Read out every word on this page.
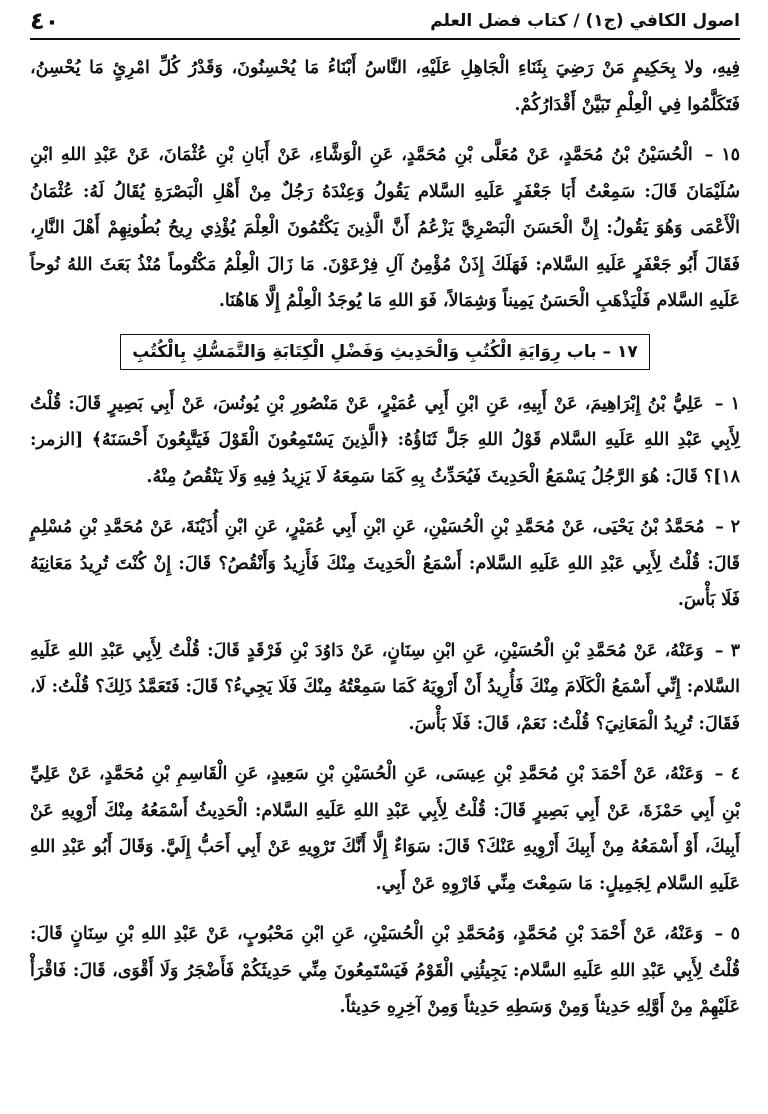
اصول الكافي (ج١) / كتاب فضل العلم
٤٠

فِيهِ، ولا بِحَكِيمٍ مَنْ رَضِيَ بِثَنَاءِ الْجَاهِلِ عَلَيْهِ، النَّاسُ أَبْنَاءُ مَا يُحْسِنُونَ، وَقَدْرُ كُلِّ امْرِئٍ مَا يُحْسِنُ، فَتَكَلَّمُوا فِي الْعِلْمِ تَبَيَّنْ أَقْدَارُكُمْ.

١٥ – الْحُسَيْنُ بْنُ مُحَمَّدٍ، عَنْ مُعَلَّى بْنِ مُحَمَّدٍ، عَنِ الْوَشَّاءِ، عَنْ أَبَانِ بْنِ عُثْمَانَ، عَنْ عَبْدِ اللهِ ابْنِ سُلَيْمَانَ قَالَ: سَمِعْتُ أَبَا جَعْفَرٍ عَلَيهِ السَّلام يَقُولُ وَعِنْدَهُ رَجُلٌ مِنْ أَهْلِ الْبَصْرَةِ يُقَالُ لَهُ: عُثْمَانُ الْأَعْمَى وَهُوَ يَقُولُ: إِنَّ الْحَسَنَ الْبَصْرِيَّ يَزْعُمُ أَنَّ الَّذِينَ يَكْتُمُونَ الْعِلْمَ يُؤْذِي رِيحُ بُطُونِهِمْ أَهْلَ النَّارِ، فَقَالَ أَبُو جَعْفَرٍ عَلَيهِ السَّلام: فَهَلَكَ إِذَنْ مُؤْمِنُ آلِ فِرْعَوْنَ. مَا زَالَ الْعِلْمُ مَكْتُوماً مُنْذُ بَعَثَ اللهُ نُوحاً عَلَيهِ السَّلام فَلْيَذْهَبِ الْحَسَنُ يَمِيناً وَشِمَالاً، فَوَ اللهِ مَا يُوجَدُ الْعِلْمُ إِلَّا هَاهُنَا.

١٧ – باب رِوَايَةِ الْكُتُبِ وَالْحَدِيثِ وَفَضْلِ الْكِتَابَةِ وَالتَّمَسُّكِ بِالْكُتُبِ

١ – عَلِيُّ بْنُ إِبْرَاهِيمَ، عَنْ أَبِيهِ، عَنِ ابْنِ أَبِي عُمَيْرٍ، عَنْ مَنْصُورِ بْنِ يُونُسَ، عَنْ أَبِي بَصِيرٍ قَالَ: قُلْتُ لِأَبِي عَبْدِ اللهِ عَلَيهِ السَّلام قَوْلُ اللهِ جَلَّ ثَنَاؤُهُ: ﴿الَّذِينَ يَسْتَمِعُونَ الْقَوْلَ فَيَتَّبِعُونَ أَحْسَنَهُ﴾ [الزمر: ١٨]؟ قَالَ: هُوَ الرَّجُلُ يَسْمَعُ الْحَدِيثَ فَيُحَدِّثُ بِهِ كَمَا سَمِعَهُ لَا يَزِيدُ فِيهِ وَلَا يَنْقُصُ مِنْهُ.

٢ – مُحَمَّدُ بْنُ يَحْيَى، عَنْ مُحَمَّدِ بْنِ الْحُسَيْنِ، عَنِ ابْنِ أَبِي عُمَيْرٍ، عَنِ ابْنِ أُذَيْنَةَ، عَنْ مُحَمَّدِ بْنِ مُسْلِمٍ قَالَ: قُلْتُ لِأَبِي عَبْدِ اللهِ عَلَيهِ السَّلام: أَسْمَعُ الْحَدِيثَ مِنْكَ فَأَزِيدُ وَأَنْقُصُ؟ قَالَ: إِنْ كُنْتَ تُرِيدُ مَعَانِيَهُ فَلَا بَأْسَ.

٣ – وَعَنْهُ، عَنْ مُحَمَّدِ بْنِ الْحُسَيْنِ، عَنِ ابْنِ سِنَانٍ، عَنْ دَاوُدَ بْنِ فَرْقَدٍ قَالَ: قُلْتُ لِأَبِي عَبْدِ اللهِ عَلَيهِ السَّلام: إِنِّي أَسْمَعُ الْكَلَامَ مِنْكَ فَأُرِيدُ أَنْ أَرْوِيَهُ كَمَا سَمِعْتُهُ مِنْكَ فَلَا يَجِيءُ؟ قَالَ: فَتَعَمَّدُ ذَلِكَ؟ قُلْتُ: لَا، فَقَالَ: تُرِيدُ الْمَعَانِيَ؟ قُلْتُ: نَعَمْ، قَالَ: فَلَا بَأْسَ.

٤ – وَعَنْهُ، عَنْ أَحْمَدَ بْنِ مُحَمَّدِ بْنِ عِيسَى، عَنِ الْحُسَيْنِ بْنِ سَعِيدٍ، عَنِ الْقَاسِمِ بْنِ مُحَمَّدٍ، عَنْ عَلِيِّ بْنِ أَبِي حَمْزَةَ، عَنْ أَبِي بَصِيرٍ قَالَ: قُلْتُ لِأَبِي عَبْدِ اللهِ عَلَيهِ السَّلام: الْحَدِيثُ أَسْمَعُهُ مِنْكَ أَرْوِيهِ عَنْ أَبِيكَ، أَوْ أَسْمَعُهُ مِنْ أَبِيكَ أَرْوِيهِ عَنْكَ؟ قَالَ: سَوَاءٌ إِلَّا أَنَّكَ تَرْوِيهِ عَنْ أَبِي أَحَبُّ إِلَيَّ. وَقَالَ أَبُو عَبْدِ اللهِ عَلَيهِ السَّلام لِجَمِيلٍ: مَا سَمِعْتَ مِنِّي فَارْوِهِ عَنْ أَبِي.

٥ – وَعَنْهُ، عَنْ أَحْمَدَ بْنِ مُحَمَّدٍ، وَمُحَمَّدِ بْنِ الْحُسَيْنِ، عَنِ ابْنِ مَحْبُوبٍ، عَنْ عَبْدِ اللهِ بْنِ سِنَانٍ قَالَ: قُلْتُ لِأَبِي عَبْدِ اللهِ عَلَيهِ السَّلام: يَجِيئُنِي الْقَوْمُ فَيَسْتَمِعُونَ مِنِّي حَدِيثَكُمْ فَأَضْجَرُ وَلَا أَقْوَى، قَالَ: فَاقْرَأْ عَلَيْهِمْ مِنْ أَوَّلِهِ حَدِيثاً وَمِنْ وَسَطِهِ حَدِيثاً وَمِنْ آخِرِهِ حَدِيثاً.
